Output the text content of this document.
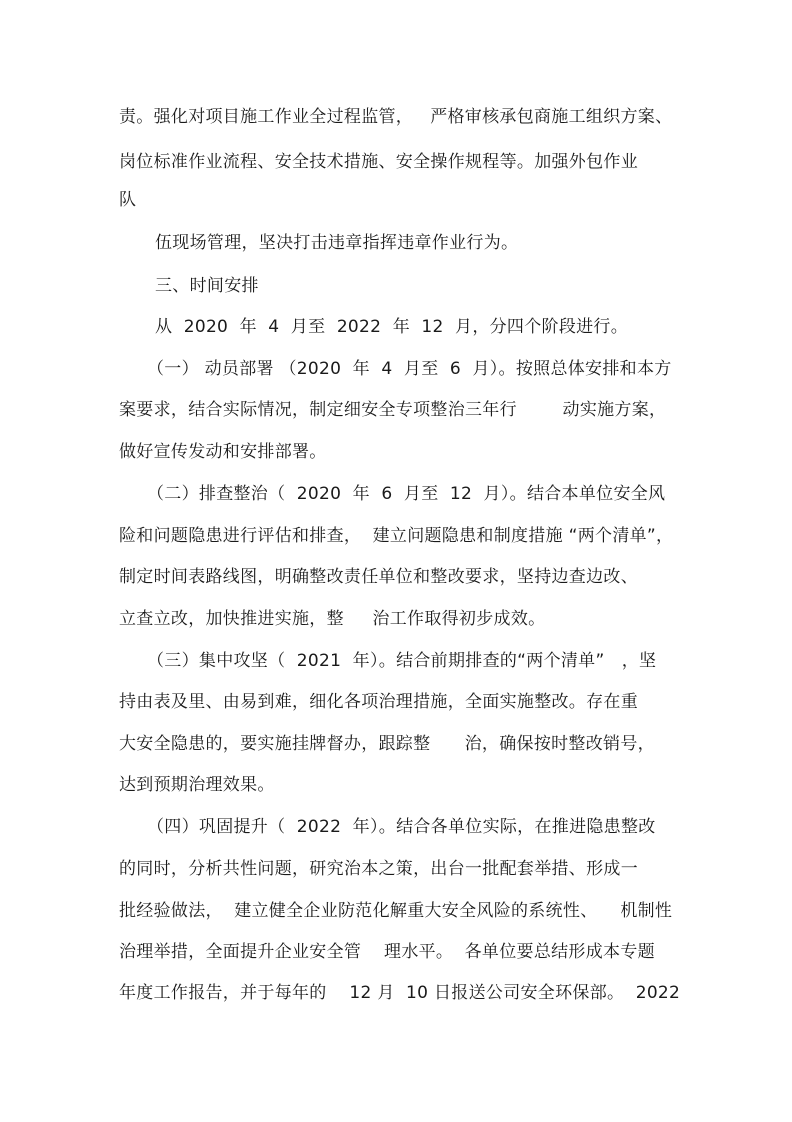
责。强化对项目施工作业全过程监管，   严格审核承包商施工组织方案、
岗位标准作业流程、安全技术措施、安全操作规程等。加强外包作业
队
伍现场管理，坚决打击违章指挥违章作业行为。
三、时间安排
从  2020  年  4  月至  2022  年  12  月，分四个阶段进行。
（一） 动员部署 （2020  年  4  月至  6  月）。按照总体安排和本方
案要求，结合实际情况，制定细安全专项整治三年行        动实施方案，
做好宣传发动和安排部署。
（二）排查整治（  2020  年  6  月至  12  月）。结合本单位安全风
险和问题隐患进行评估和排查，  建立问题隐患和制度措施 “两个清单”，
制定时间表路线图，明确整改责任单位和整改要求，坚持边查边改、
立查立改，加快推进实施，整     治工作取得初步成效。
（三）集中攻坚（  2021  年）。结合前期排查的“两个清单”   ，坚
持由表及里、由易到难，细化各项治理措施，全面实施整改。存在重
大安全隐患的，要实施挂牌督办，跟踪整      治，确保按时整改销号，
达到预期治理效果。
（四）巩固提升（  2022  年）。结合各单位实际，在推进隐患整改
的同时，分析共性问题，研究治本之策，出台一批配套举措、形成一
批经验做法，  建立健全企业防范化解重大安全风险的系统性、    机制性
治理举措，全面提升企业安全管    理水平。  各单位要总结形成本专题
年度工作报告，并于每年的    12 月  10 日报送公司安全环保部。  2022
